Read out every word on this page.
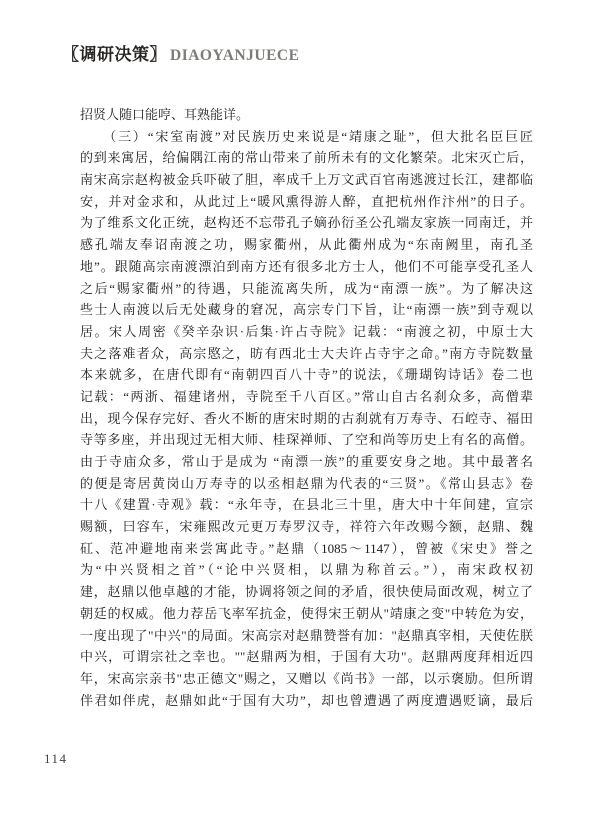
〖调研决策〗 DIAOYANJUECE
招贤人随口能哼、耳熟能详。
　　（三）“宋室南渡”对民族历史来说是“靖康之耻”，但大批名臣巨匠
的到来寓居，给偏隅江南的常山带来了前所未有的文化繁荣。北宋灭亡后，
南宋高宗赵构被金兵吓破了胆，率成千上万文武百官南逃渡过长江，建都临
安，并对金求和，从此过上“暖风熏得游人醉，直把杭州作汴州”的日子。
为了维系文化正统，赵构还不忘带孔子嫡孙衍圣公孔端友家族一同南迁，并
感孔端友奉诏南渡之功，赐家衢州，从此衢州成为“东南阙里，南孔圣
地”。跟随高宗南渡漂泊到南方还有很多北方士人，他们不可能享受孔圣人
之后“赐家衢州”的待遇，只能流离失所，成为“南漂一族”。为了解决这
些士人南渡以后无处藏身的窘况，高宗专门下旨，让“南漂一族”到寺观以
居。宋人周密《癸辛杂识·后集·许占寺院》记载：“南渡之初，中原士大
夫之落难者众，高宗愍之，昉有西北士大夫许占寺宇之命。”南方寺院数量
本来就多，在唐代即有“南朝四百八十寺”的说法，《珊瑚钩诗话》卷二也
记载：“两浙、福建诸州，寺院至千八百区。”常山自古名刹众多，高僧辈
出，现今保存完好、香火不断的唐宋时期的古刹就有万寿寺、石崆寺、福田
寺等多座，并出现过无相大师、桂琛禅师、了空和尚等历史上有名的高僧。
由于寺庙众多，常山于是成为 “南漂一族”的重要安身之地。其中最著名
的便是寄居黄岗山万寿寺的以丞相赵鼎为代表的“三贤”。《常山县志》卷
十八《建置·寺观》载：“永年寺，在县北三十里，唐大中十年间建，宣宗
赐额，曰容车，宋雍熙改元更万寿罗汉寺，祥符六年改赐今额，赵鼎、魏
矼、范冲避地南来尝寓此寺。”赵鼎（1085～1147），曾被《宋史》誉之
为“中兴贤相之首”（“论中兴贤相，以鼎为称首云。”），南宋政权初
建，赵鼎以他卓越的才能，协调将领之间的矛盾，很快使局面改观，树立了
朝廷的权威。他力荐岳飞率军抗金，使得宋王朝从"靖康之变"中转危为安，
一度出现了"中兴"的局面。宋高宗对赵鼎赞誉有加："赵鼎真宰相，天使佐朕
中兴，可谓宗社之幸也。""赵鼎两为相，于国有大功"。赵鼎两度拜相近四
年，宋高宗亲书"忠正德文"赐之，又赠以《尚书》一部，以示褒励。但所谓
伴君如伴虎，赵鼎如此“于国有大功”，却也曾遭遇了两度遭遇贬谪，最后
114
